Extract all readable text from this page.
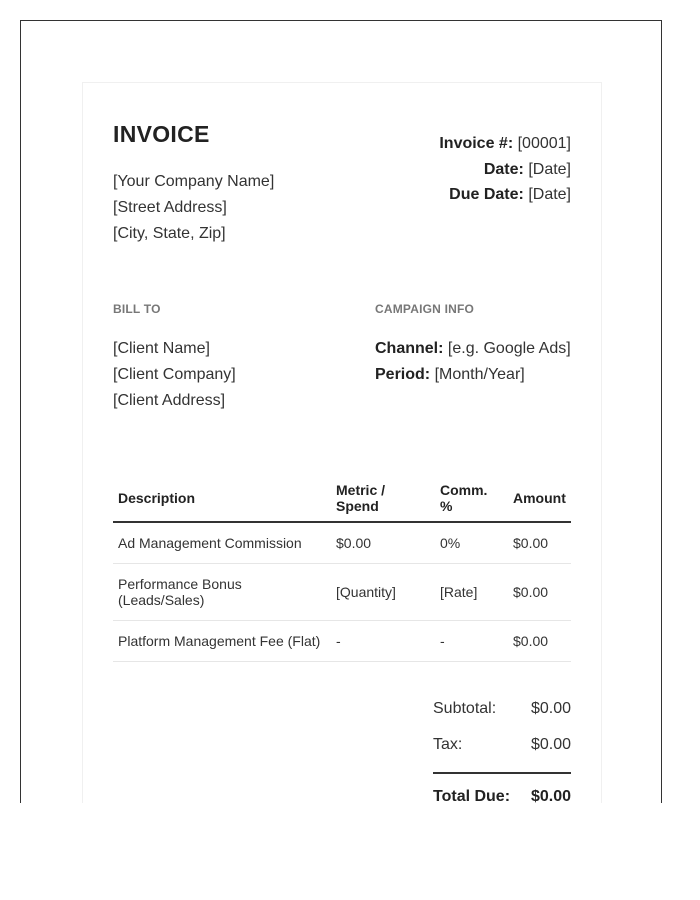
INVOICE
[Your Company Name]
[Street Address]
[City, State, Zip]
Invoice #: [00001]
Date: [Date]
Due Date: [Date]
BILL TO	CAMPAIGN INFO
[Client Name]
[Client Company]
[Client Address]
Channel: [e.g. Google Ads]
Period: [Month/Year]
Description	Metric / Spend	Comm. %	Amount
Ad Management Commission	$0.00	0%	$0.00
Performance Bonus (Leads/Sales)	[Quantity]	[Rate]	$0.00
Platform Management Fee (Flat)	-	-	$0.00
Subtotal: $0.00
Tax:	$0.00
Total Due: $0.00
